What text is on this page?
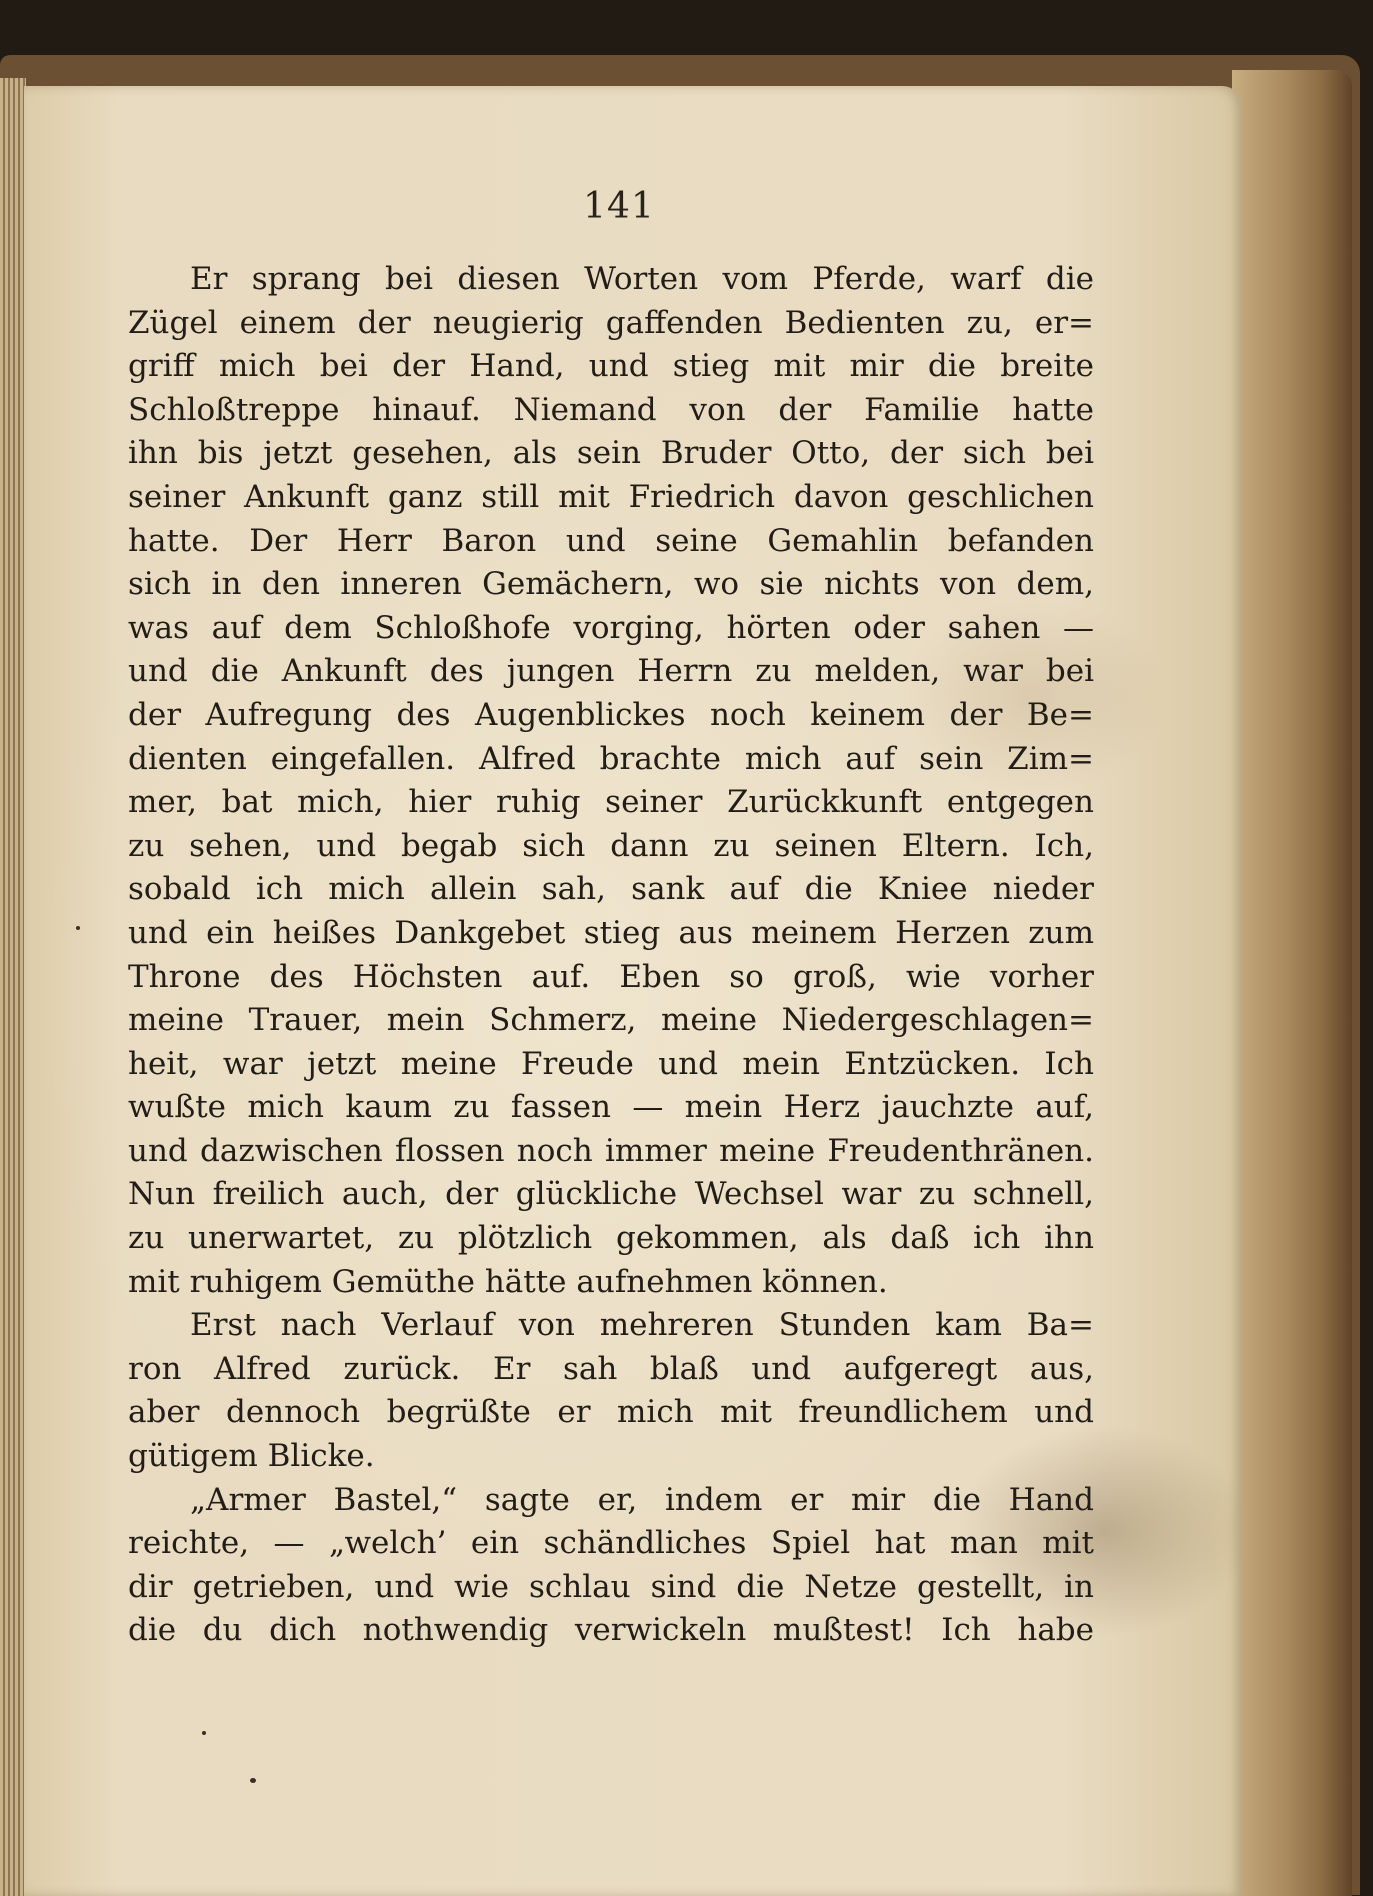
141
Er sprang bei diesen Worten vom Pferde, warf die
Zügel einem der neugierig gaffenden Bedienten zu, er=
griff mich bei der Hand, und stieg mit mir die breite
Schloßtreppe hinauf. Niemand von der Familie hatte
ihn bis jetzt gesehen, als sein Bruder Otto, der sich bei
seiner Ankunft ganz still mit Friedrich davon geschlichen
hatte. Der Herr Baron und seine Gemahlin befanden
sich in den inneren Gemächern, wo sie nichts von dem,
was auf dem Schloßhofe vorging, hörten oder sahen —
und die Ankunft des jungen Herrn zu melden, war bei
der Aufregung des Augenblickes noch keinem der Be=
dienten eingefallen. Alfred brachte mich auf sein Zim=
mer, bat mich, hier ruhig seiner Zurückkunft entgegen
zu sehen, und begab sich dann zu seinen Eltern. Ich,
sobald ich mich allein sah, sank auf die Kniee nieder
und ein heißes Dankgebet stieg aus meinem Herzen zum
Throne des Höchsten auf. Eben so groß, wie vorher
meine Trauer, mein Schmerz, meine Niedergeschlagen=
heit, war jetzt meine Freude und mein Entzücken. Ich
wußte mich kaum zu fassen — mein Herz jauchzte auf,
und dazwischen flossen noch immer meine Freudenthränen.
Nun freilich auch, der glückliche Wechsel war zu schnell,
zu unerwartet, zu plötzlich gekommen, als daß ich ihn
mit ruhigem Gemüthe hätte aufnehmen können.
Erst nach Verlauf von mehreren Stunden kam Ba=
ron Alfred zurück. Er sah blaß und aufgeregt aus,
aber dennoch begrüßte er mich mit freundlichem und
gütigem Blicke.
„Armer Bastel,“ sagte er, indem er mir die Hand
reichte, — „welch’ ein schändliches Spiel hat man mit
dir getrieben, und wie schlau sind die Netze gestellt, in
die du dich nothwendig verwickeln mußtest! Ich habe
